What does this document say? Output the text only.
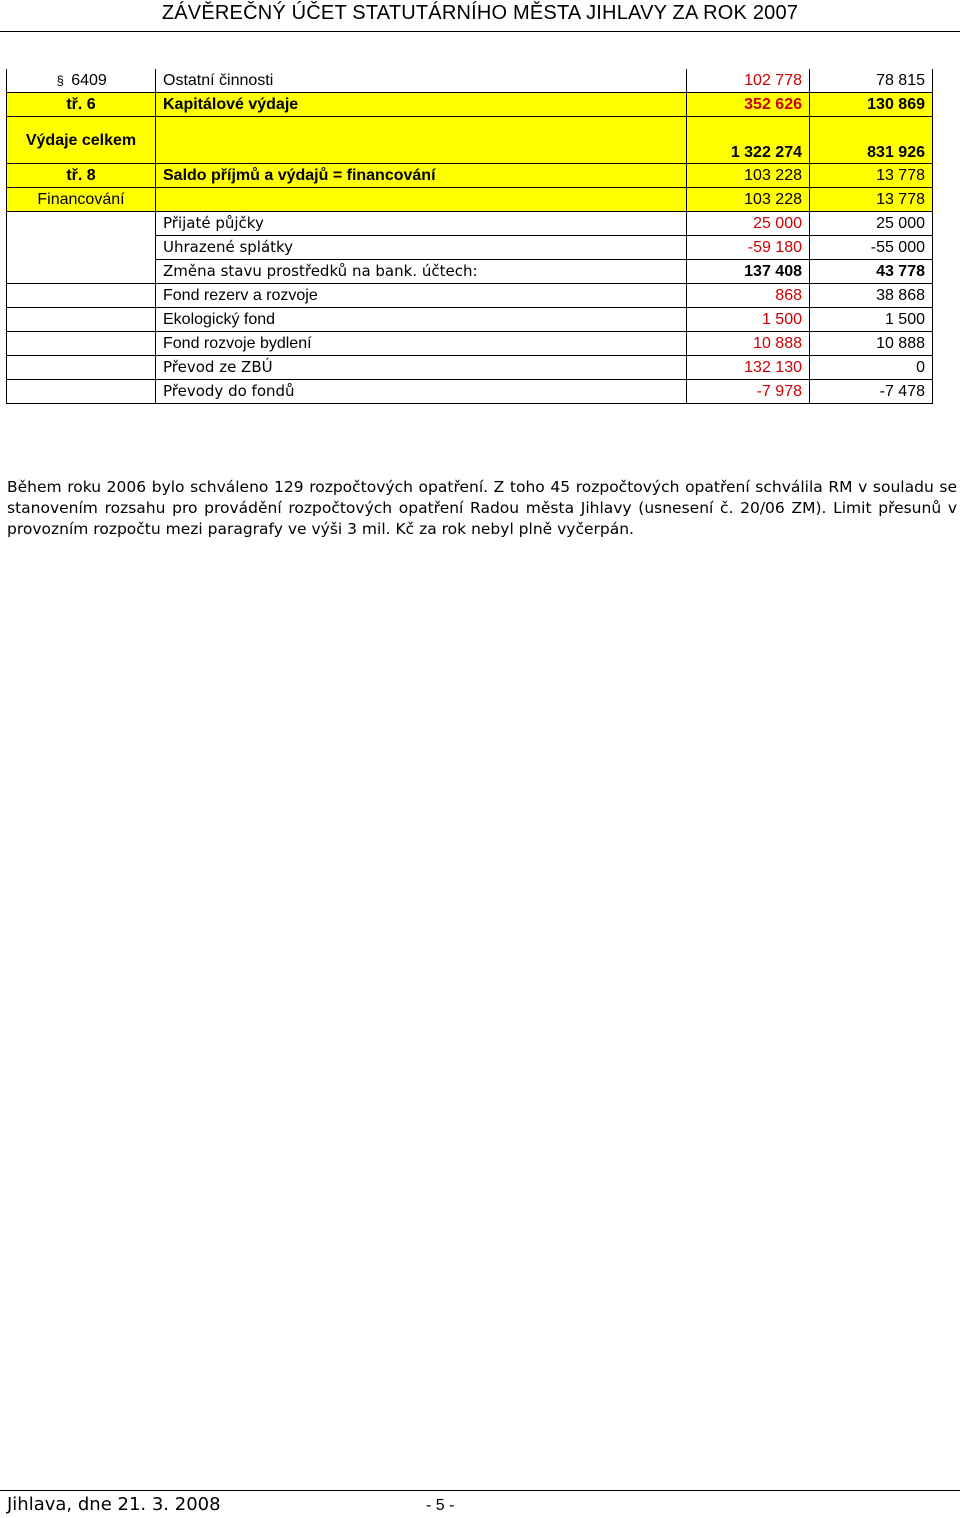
ZÁVĚREČNÝ ÚČET STATUTÁRNÍHO MĚSTA JIHLAVY ZA ROK 2007
§ 6409	Ostatní činnosti	102 778	78 815
tř. 6	Kapitálové výdaje	352 626	130 869
Výdaje celkem		1 322 274	831 926
tř. 8	Saldo příjmů a výdajů = financování	103 228	13 778
Financování		103 228	13 778
	Přijaté půjčky	25 000	25 000
	Uhrazené splátky	-59 180	-55 000
	Změna stavu prostředků na bank. účtech:	137 408	43 778
	Fond rezerv a rozvoje	868	38 868
	Ekologický fond	1 500	1 500
	Fond rozvoje bydlení	10 888	10 888
	Převod ze ZBÚ	132 130	0
	Převody do fondů	-7 978	-7 478

Během roku 2006 bylo schváleno 129 rozpočtových opatření. Z toho 45 rozpočtových opatření schválila RM v souladu se stanovením rozsahu pro provádění rozpočtových opatření Radou města Jihlavy (usnesení č. 20/06 ZM). Limit přesunů v provozním rozpočtu mezi paragrafy ve výši 3 mil. Kč za rok nebyl plně vyčerpán.

Jihlava, dne 21. 3. 2008	- 5 -
